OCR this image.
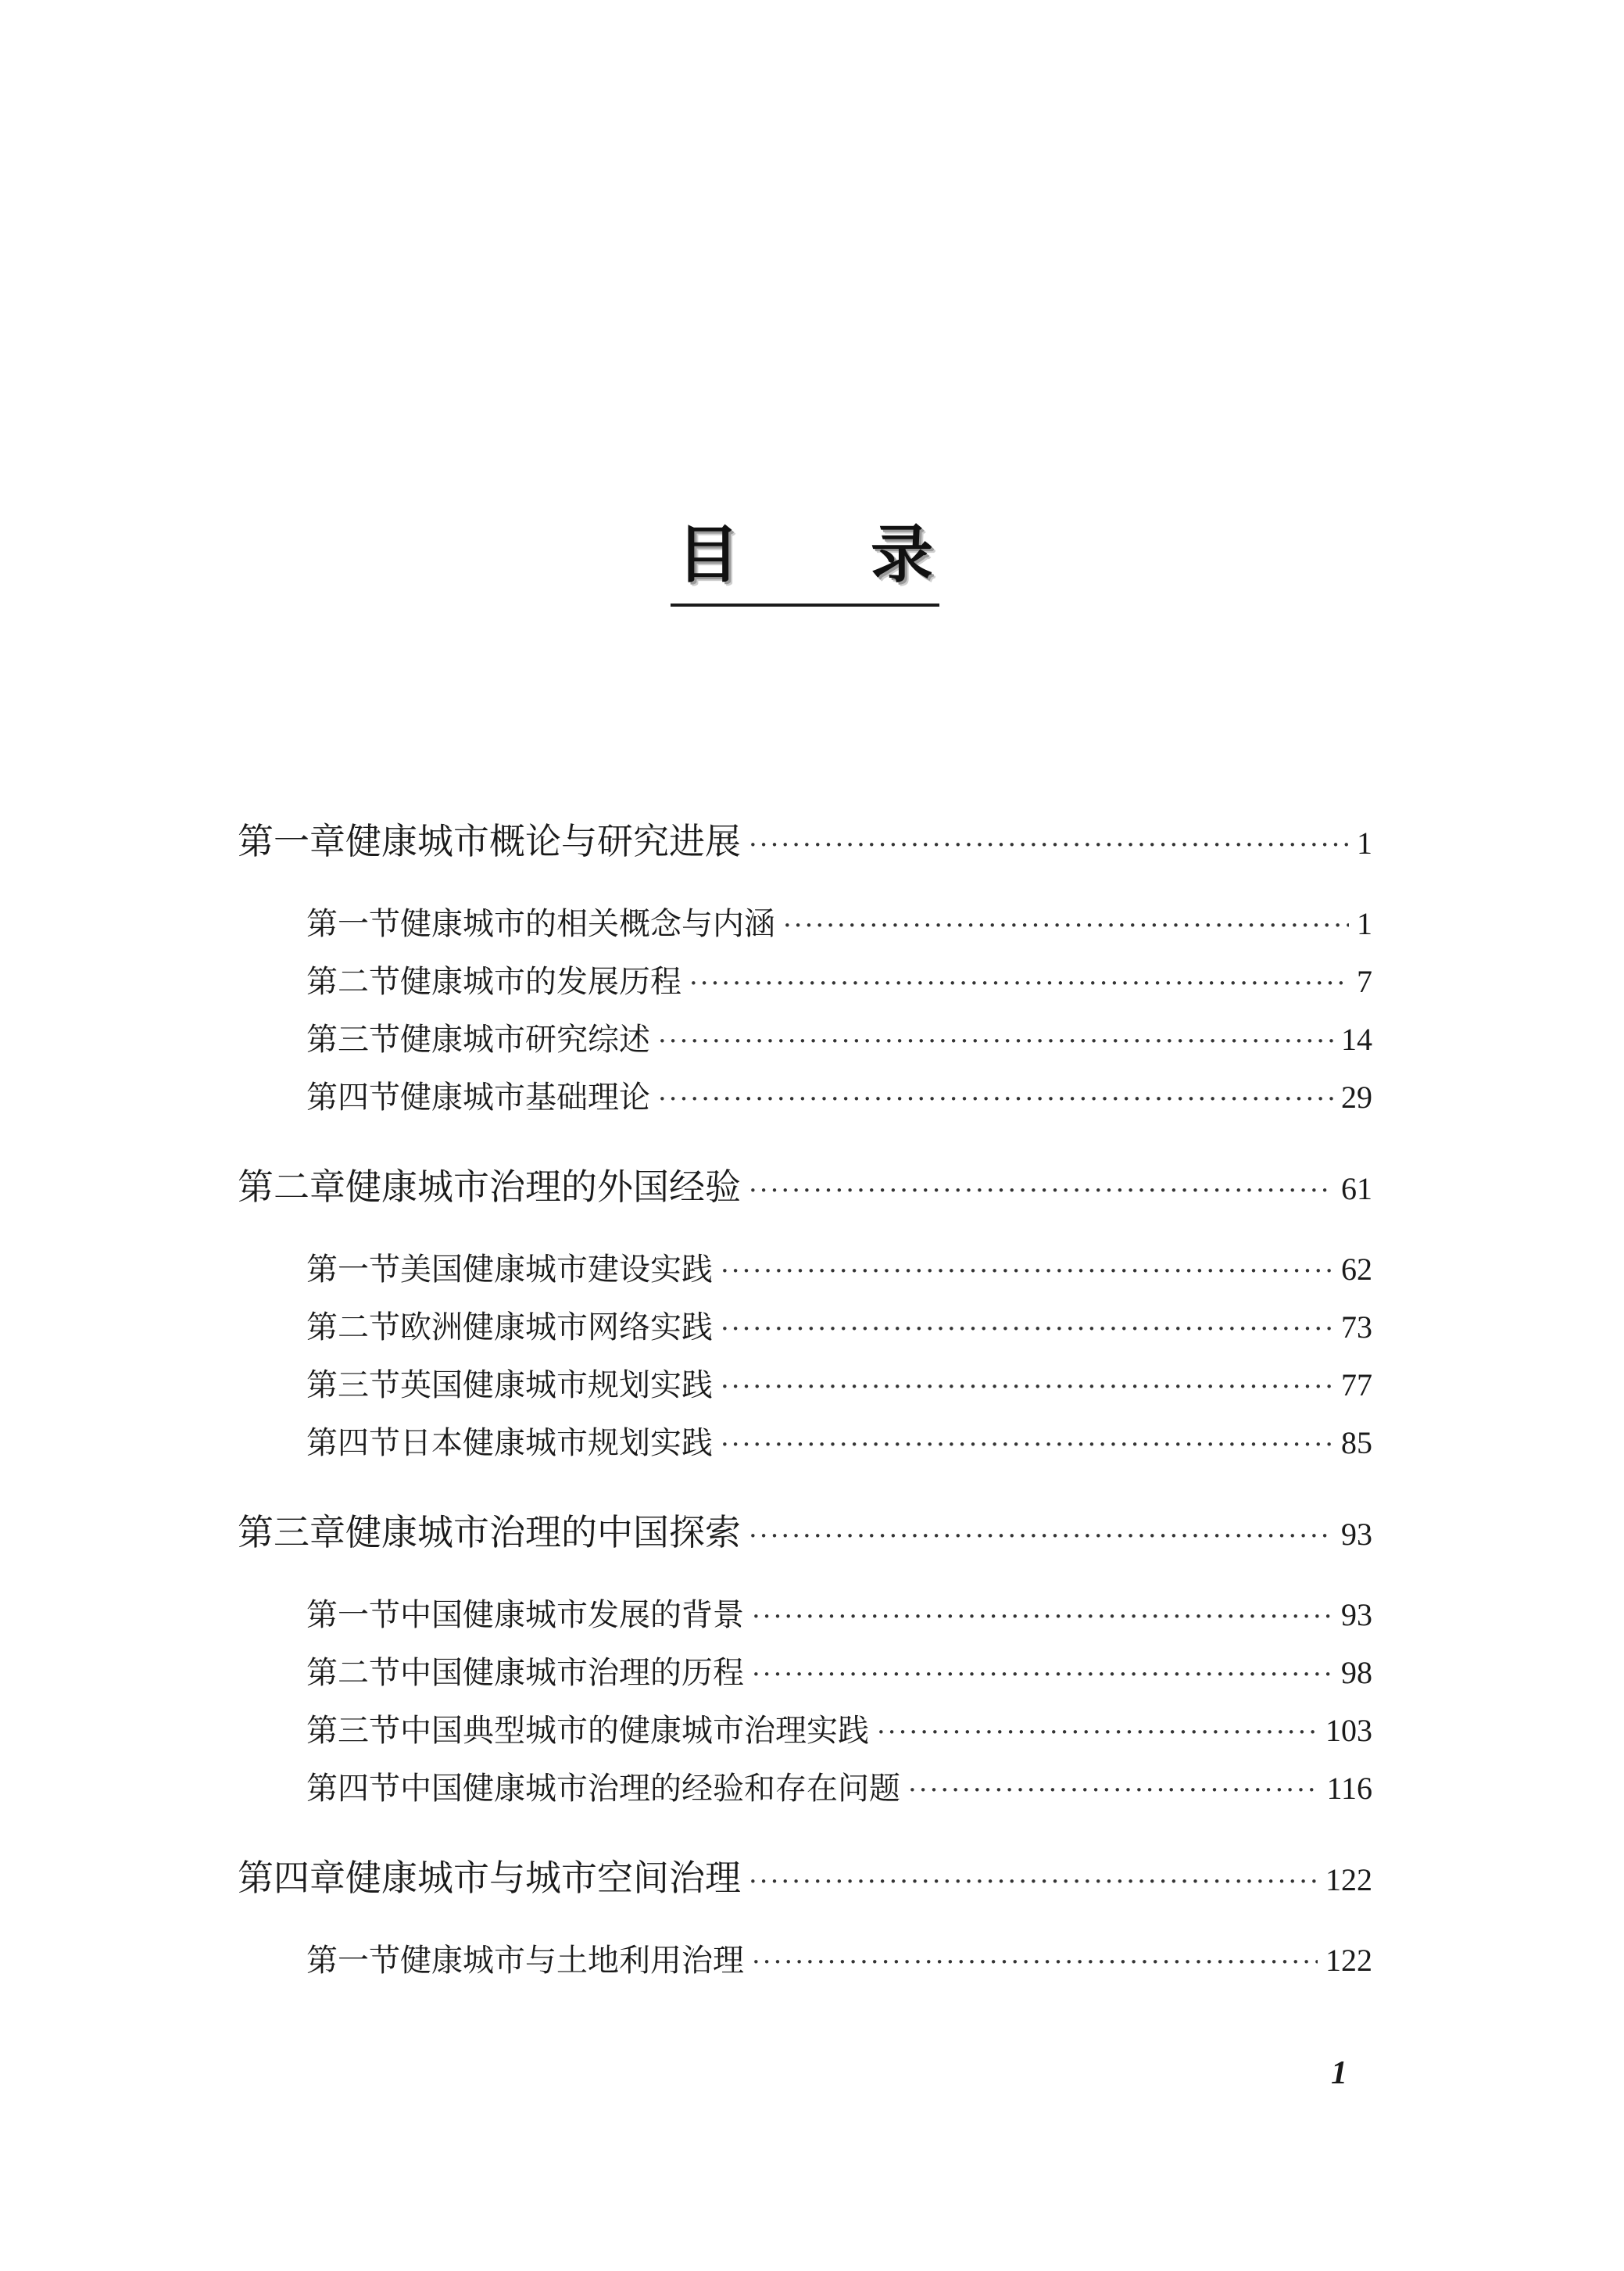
目 录
第一章 健康城市概论与研究进展 ·····	1
第一节 健康城市的相关概念与内涵 ·····	1
第二节 健康城市的发展历程 ·····	7
第三节 健康城市研究综述 ·····	14
第四节 健康城市基础理论 ·····	29
第二章 健康城市治理的外国经验 ·····	61
第一节 美国健康城市建设实践 ·····	62
第二节 欧洲健康城市网络实践 ·····	73
第三节 英国健康城市规划实践 ·····	77
第四节 日本健康城市规划实践 ·····	85
第三章 健康城市治理的中国探索 ·····	93
第一节 中国健康城市发展的背景 ·····	93
第二节 中国健康城市治理的历程 ·····	98
第三节 中国典型城市的健康城市治理实践 ·····	103
第四节 中国健康城市治理的经验和存在问题 ·····	116
第四章 健康城市与城市空间治理 ·····	122
第一节 健康城市与土地利用治理 ·····	122
1
